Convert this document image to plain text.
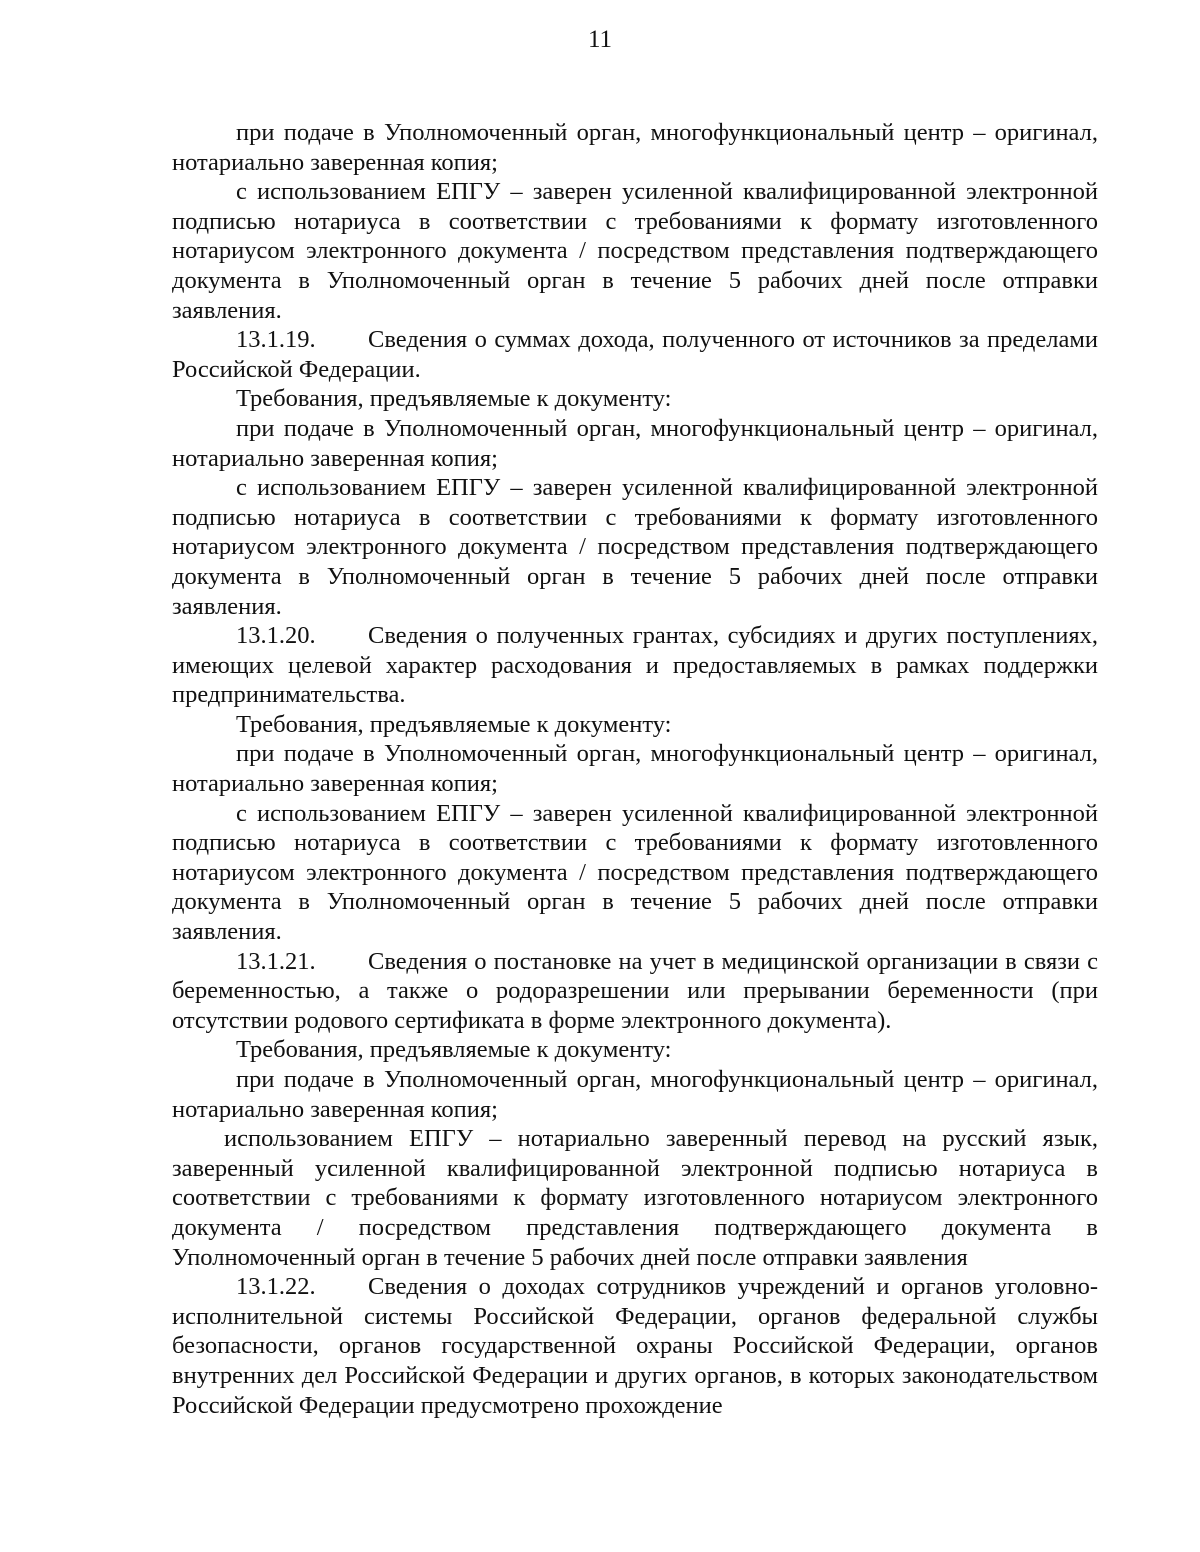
11

при подаче в Уполномоченный орган, многофункциональный центр – оригинал, нотариально заверенная копия;

с использованием ЕПГУ – заверен усиленной квалифицированной электронной подписью нотариуса в соответствии с требованиями к формату изготовленного нотариусом электронного документа / посредством представления подтверждающего документа в Уполномоченный орган в течение 5 рабочих дней после отправки заявления.

13.1.19. Сведения о суммах дохода, полученного от источников за пределами Российской Федерации.

Требования, предъявляемые к документу:

при подаче в Уполномоченный орган, многофункциональный центр – оригинал, нотариально заверенная копия;

с использованием ЕПГУ – заверен усиленной квалифицированной электронной подписью нотариуса в соответствии с требованиями к формату изготовленного нотариусом электронного документа / посредством представления подтверждающего документа в Уполномоченный орган в течение 5 рабочих дней после отправки заявления.

13.1.20. Сведения о полученных грантах, субсидиях и других поступлениях, имеющих целевой характер расходования и предоставляемых в рамках поддержки предпринимательства.

Требования, предъявляемые к документу:

при подаче в Уполномоченный орган, многофункциональный центр – оригинал, нотариально заверенная копия;

с использованием ЕПГУ – заверен усиленной квалифицированной электронной подписью нотариуса в соответствии с требованиями к формату изготовленного нотариусом электронного документа / посредством представления подтверждающего документа в Уполномоченный орган в течение 5 рабочих дней после отправки заявления.

13.1.21. Сведения о постановке на учет в медицинской организации в связи с беременностью, а также о родоразрешении или прерывании беременности (при отсутствии родового сертификата в форме электронного документа).

Требования, предъявляемые к документу:

при подаче в Уполномоченный орган, многофункциональный центр – оригинал, нотариально заверенная копия;

использованием ЕПГУ – нотариально заверенный перевод на русский язык, заверенный усиленной квалифицированной электронной подписью нотариуса в соответствии с требованиями к формату изготовленного нотариусом электронного документа / посредством представления подтверждающего документа в Уполномоченный орган в течение 5 рабочих дней после отправки заявления

13.1.22. Сведения о доходах сотрудников учреждений и органов уголовно-исполнительной системы Российской Федерации, органов федеральной службы безопасности, органов государственной охраны Российской Федерации, органов внутренних дел Российской Федерации и других органов, в которых законодательством Российской Федерации предусмотрено прохождение
